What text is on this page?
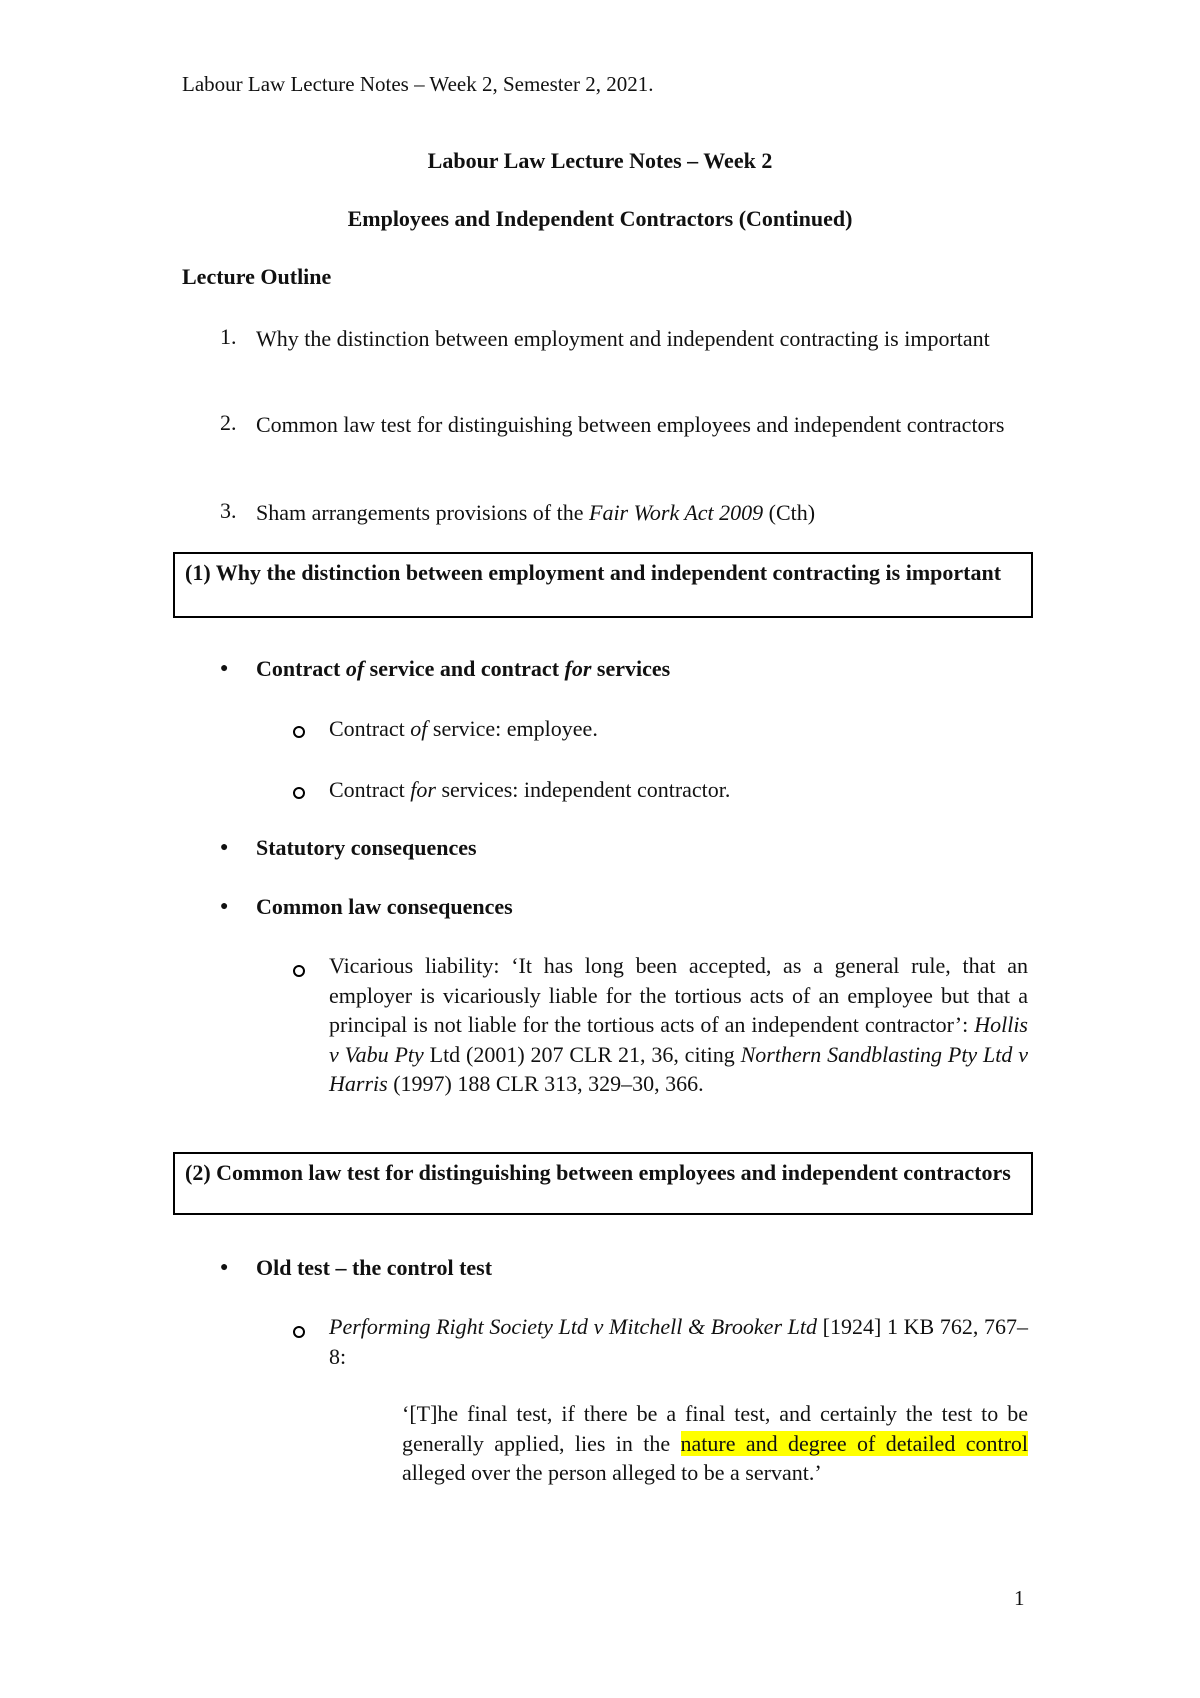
Labour Law Lecture Notes – Week 2, Semester 2, 2021.
Labour Law Lecture Notes – Week 2
Employees and Independent Contractors (Continued)
Lecture Outline
1. Why the distinction between employment and independent contracting is important
2. Common law test for distinguishing between employees and independent contractors
3. Sham arrangements provisions of the Fair Work Act 2009 (Cth)
(1) Why the distinction between employment and independent contracting is important
● Contract of service and contract for services
Contract of service: employee.
Contract for services: independent contractor.
● Statutory consequences
● Common law consequences
Vicarious liability: ‘It has long been accepted, as a general rule, that an employer is vicariously liable for the tortious acts of an employee but that a principal is not liable for the tortious acts of an independent contractor’: Hollis v Vabu Pty Ltd (2001) 207 CLR 21, 36, citing Northern Sandblasting Pty Ltd v Harris (1997) 188 CLR 313, 329–30, 366.
(2) Common law test for distinguishing between employees and independent contractors
● Old test – the control test
Performing Right Society Ltd v Mitchell & Brooker Ltd [1924] 1 KB 762, 767–8:
‘[T]he final test, if there be a final test, and certainly the test to be generally applied, lies in the nature and degree of detailed control alleged over the person alleged to be a servant.’
1
